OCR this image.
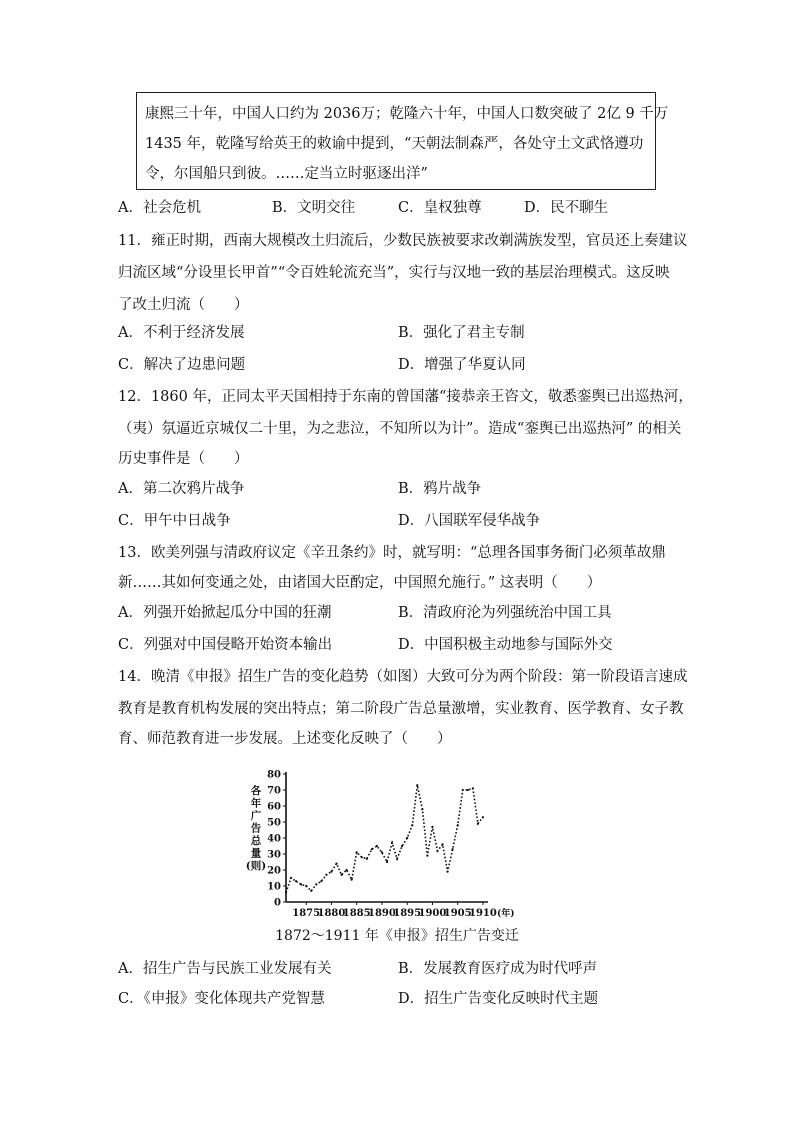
康熙三十年，中国人口约为 2036万；乾隆六十年，中国人口数突破了 2亿 9 千万
1435 年，乾隆写给英王的敕谕中提到，“天朝法制森严，各处守土文武恪遵功
令，尔国船只到彼。……定当立时驱逐出洋”
A．社会危机	B．文明交往	C．皇权独尊	D．民不聊生
11．雍正时期，西南大规模改土归流后，少数民族被要求改剃满族发型，官员还上奏建议
归流区域“分设里长甲首”“令百姓轮流充当”，实行与汉地一致的基层治理模式。这反映
了改土归流（　　）
A．不利于经济发展	B．强化了君主专制
C．解决了边患问题	D．增强了华夏认同
12．1860 年，正同太平天国相持于东南的曾国藩“接恭亲王咨文，敬悉銮舆已出巡热河，
（夷）氛逼近京城仅二十里，为之悲泣，不知所以为计”。造成“銮舆已出巡热河” 的相关
历史事件是（　　）
A．第二次鸦片战争	B．鸦片战争
C．甲午中日战争	D．八国联军侵华战争
13．欧美列强与清政府议定《辛丑条约》时，就写明：“总理各国事务衙门必须革故鼎
新……其如何变通之处，由诸国大臣酌定，中国照允施行。” 这表明（　　）
A．列强开始掀起瓜分中国的狂潮	B．清政府沦为列强统治中国工具
C．列强对中国侵略开始资本输出	D．中国积极主动地参与国际外交
14．晚清《申报》招生广告的变化趋势（如图）大致可分为两个阶段：第一阶段语言速成
教育是教育机构发展的突出特点；第二阶段广告总量激增，实业教育、医学教育、女子教
育、师范教育进一步发展。上述变化反映了（　　）
各
年
广
告
总
量
(则)
0
10
20
30
40
50
60
70
80
1875
1880
1885
1890
1895
1900
1905
1910 (年)
1872～1911 年《申报》招生广告变迁
A．招生广告与民族工业发展有关	B．发展教育医疗成为时代呼声
C．《申报》变化体现共产党智慧	D．招生广告变化反映时代主题
